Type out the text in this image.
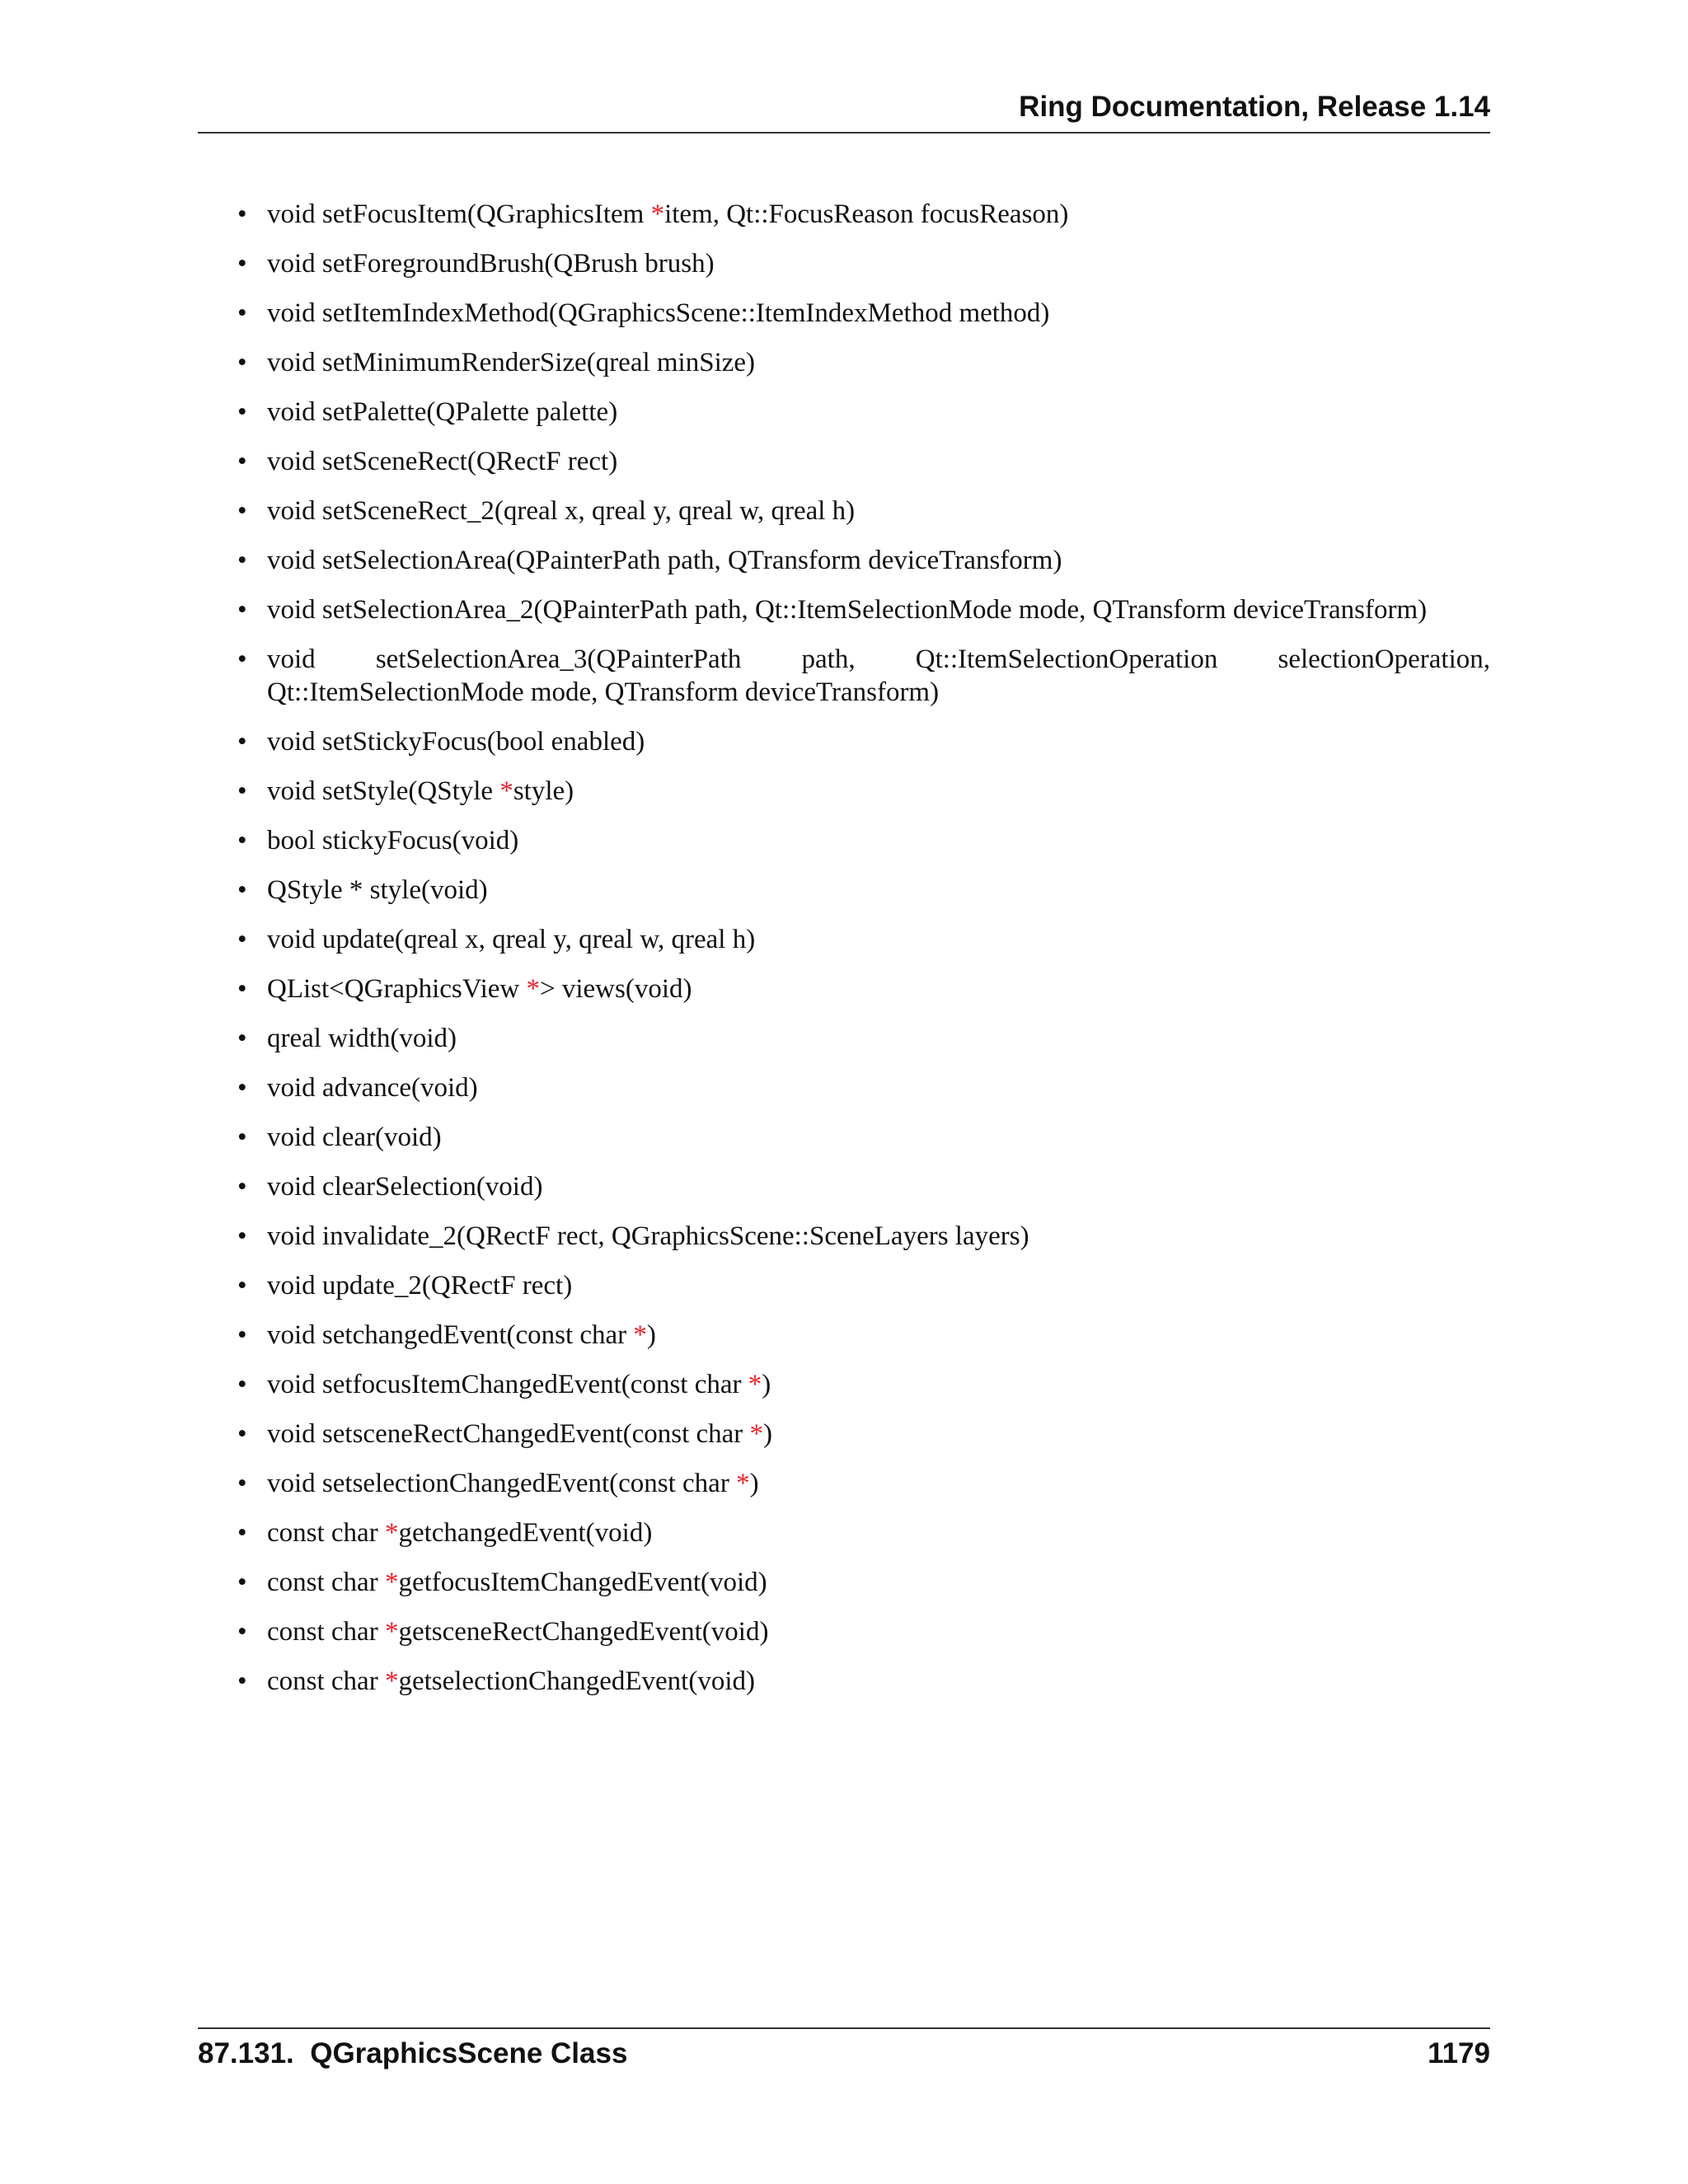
Ring Documentation, Release 1.14
• void setFocusItem(QGraphicsItem *item, Qt::FocusReason focusReason)
• void setForegroundBrush(QBrush brush)
• void setItemIndexMethod(QGraphicsScene::ItemIndexMethod method)
• void setMinimumRenderSize(qreal minSize)
• void setPalette(QPalette palette)
• void setSceneRect(QRectF rect)
• void setSceneRect_2(qreal x, qreal y, qreal w, qreal h)
• void setSelectionArea(QPainterPath path, QTransform deviceTransform)
• void setSelectionArea_2(QPainterPath path, Qt::ItemSelectionMode mode, QTransform deviceTransform)
• void setSelectionArea_3(QPainterPath path, Qt::ItemSelectionOperation selectionOperation, Qt::ItemSelectionMode mode, QTransform deviceTransform)
• void setStickyFocus(bool enabled)
• void setStyle(QStyle *style)
• bool stickyFocus(void)
• QStyle * style(void)
• void update(qreal x, qreal y, qreal w, qreal h)
• QList<QGraphicsView *> views(void)
• qreal width(void)
• void advance(void)
• void clear(void)
• void clearSelection(void)
• void invalidate_2(QRectF rect, QGraphicsScene::SceneLayers layers)
• void update_2(QRectF rect)
• void setchangedEvent(const char *)
• void setfocusItemChangedEvent(const char *)
• void setsceneRectChangedEvent(const char *)
• void setselectionChangedEvent(const char *)
• const char *getchangedEvent(void)
• const char *getfocusItemChangedEvent(void)
• const char *getsceneRectChangedEvent(void)
• const char *getselectionChangedEvent(void)
87.131.  QGraphicsScene Class	1179
